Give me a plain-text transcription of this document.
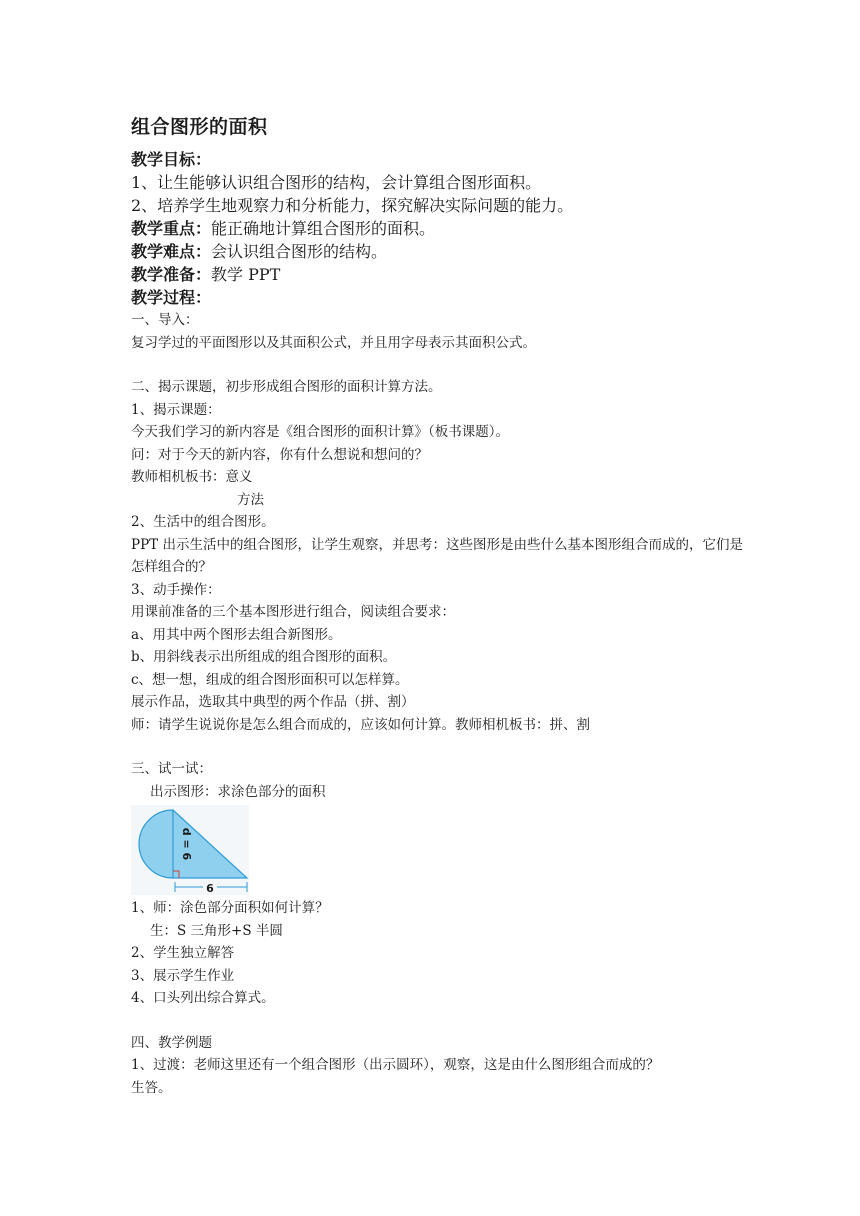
组合图形的面积
教学目标：
1、让生能够认识组合图形的结构，会计算组合图形面积。
2、培养学生地观察力和分析能力，探究解决实际问题的能力。
教学重点：能正确地计算组合图形的面积。
教学难点：会认识组合图形的结构。
教学准备：教学 PPT
教学过程：
一、导入：
复习学过的平面图形以及其面积公式，并且用字母表示其面积公式。
二、揭示课题，初步形成组合图形的面积计算方法。
1、揭示课题：
今天我们学习的新内容是《组合图形的面积计算》（板书课题）。
问：对于今天的新内容，你有什么想说和想问的？
教师相机板书：意义
方法
2、生活中的组合图形。
PPT 出示生活中的组合图形，让学生观察，并思考：这些图形是由些什么基本图形组合而成的，它们是怎样组合的？
3、动手操作：
用课前准备的三个基本图形进行组合，阅读组合要求：
a、用其中两个图形去组合新图形。
b、用斜线表示出所组成的组合图形的面积。
c、想一想，组成的组合图形面积可以怎样算。
展示作品，选取其中典型的两个作品（拼、割）
师：请学生说说你是怎么组合而成的，应该如何计算。教师相机板书：拼、割
三、试一试：
出示图形：求涂色部分的面积
d = 6
6
1、师：涂色部分面积如何计算？
生：S 三角形+S 半圆
2、学生独立解答
3、展示学生作业
4、口头列出综合算式。
四、教学例题
1、过渡：老师这里还有一个组合图形（出示圆环），观察，这是由什么图形组合而成的？
生答。
